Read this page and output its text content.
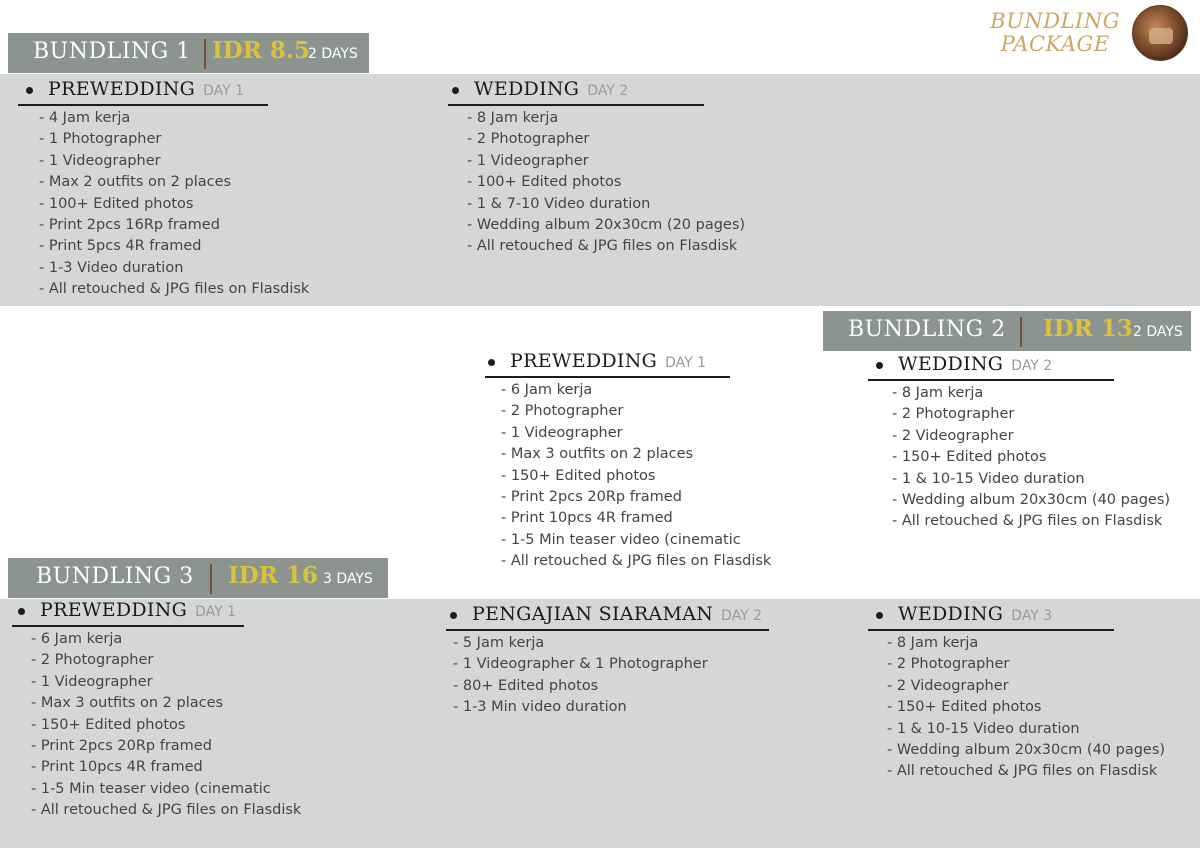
BUNDLING
PACKAGE
BUNDLING 1 IDR 8.5
2 DAYS
PREWEDDING DAY 1
- 4 Jam kerja
- 1 Photographer
- 1 Videographer
- Max 2 outfits on 2 places
- 100+ Edited photos
- Print 2pcs 16Rp framed
- Print 5pcs 4R framed
- 1-3 Video duration
- All retouched & JPG files on Flasdisk
WEDDING DAY 2
- 8 Jam kerja
- 2 Photographer
- 1 Videographer
- 100+ Edited photos
- 1 & 7-10 Video duration
- Wedding album 20x30cm (20 pages)
- All retouched & JPG files on Flasdisk
BUNDLING 2 IDR 13 2 DAYS
PREWEDDING DAY 1
- 6 Jam kerja
- 2 Photographer
- 1 Videographer
- Max 3 outfits on 2 places
- 150+ Edited photos
- Print 2pcs 20Rp framed
- Print 10pcs 4R framed
- 1-5 Min teaser video (cinematic
- All retouched & JPG files on Flasdisk
WEDDING DAY 2
- 8 Jam kerja
- 2 Photographer
- 2 Videographer
- 150+ Edited photos
- 1 & 10-15 Video duration
- Wedding album 20x30cm (40 pages)
- All retouched & JPG files on Flasdisk
BUNDLING 3 IDR 16 3 DAYS
PREWEDDING DAY 1
- 6 Jam kerja
- 2 Photographer
- 1 Videographer
- Max 3 outfits on 2 places
- 150+ Edited photos
- Print 2pcs 20Rp framed
- Print 10pcs 4R framed
- 1-5 Min teaser video (cinematic
- All retouched & JPG files on Flasdisk
PENGAJIAN SIARAMAN DAY 2
- 5 Jam kerja
- 1 Videographer & 1 Photographer
- 80+ Edited photos
- 1-3 Min video duration
WEDDING DAY 3
- 8 Jam kerja
- 2 Photographer
- 2 Videographer
- 150+ Edited photos
- 1 & 10-15 Video duration
- Wedding album 20x30cm (40 pages)
- All retouched & JPG files on Flasdisk
